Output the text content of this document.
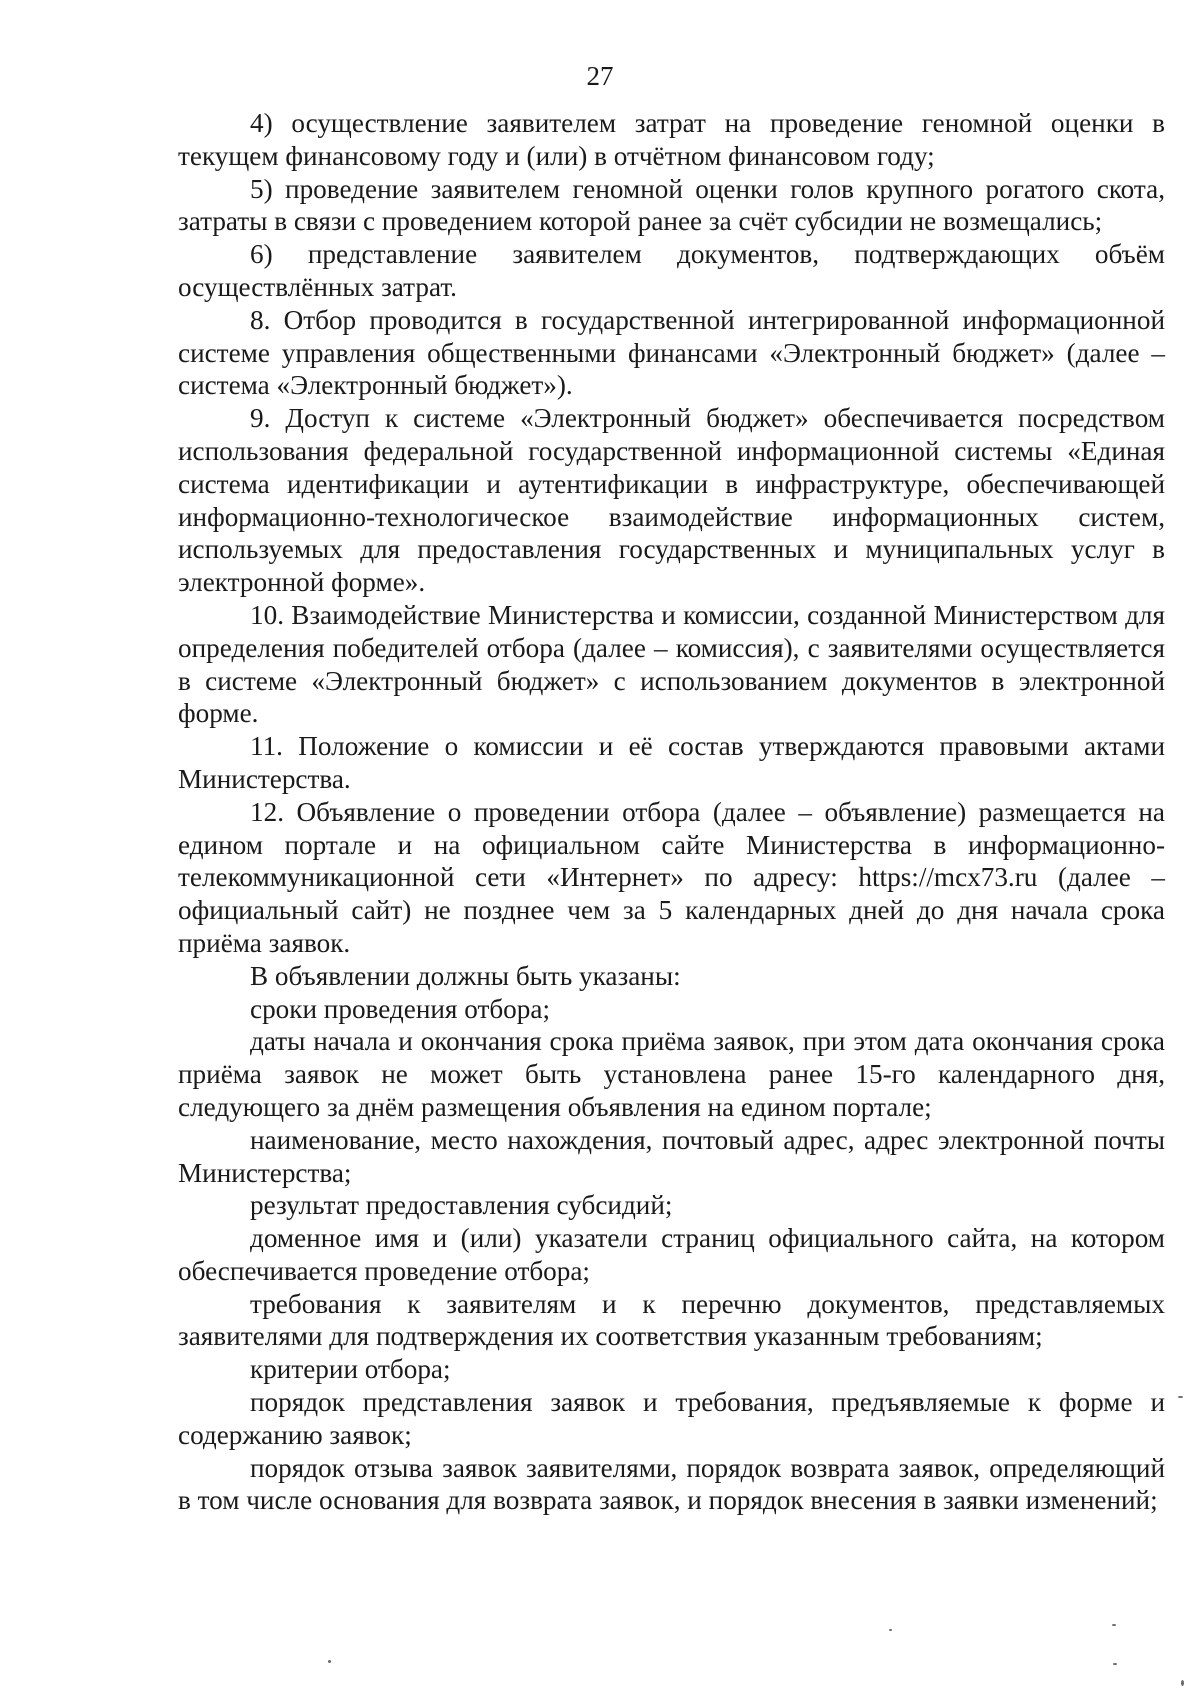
27

4) осуществление заявителем затрат на проведение геномной оценки в текущем финансовому году и (или) в отчётном финансовом году;

5) проведение заявителем геномной оценки голов крупного рогатого скота, затраты в связи с проведением которой ранее за счёт субсидии не возмещались;

6) представление заявителем документов, подтверждающих объём осуществлённых затрат.

8. Отбор проводится в государственной интегрированной информационной системе управления общественными финансами «Электронный бюджет» (далее – система «Электронный бюджет»).

9. Доступ к системе «Электронный бюджет» обеспечивается посредством использования федеральной государственной информационной системы «Единая система идентификации и аутентификации в инфраструктуре, обеспечивающей информационно-технологическое взаимодействие информационных систем, используемых для предоставления государственных и муниципальных услуг в электронной форме».

10. Взаимодействие Министерства и комиссии, созданной Министерством для определения победителей отбора (далее – комиссия), с заявителями осуществляется в системе «Электронный бюджет» с использованием документов в электронной форме.

11. Положение о комиссии и её состав утверждаются правовыми актами Министерства.

12. Объявление о проведении отбора (далее – объявление) размещается на едином портале и на официальном сайте Министерства в информационно-телекоммуникационной сети «Интернет» по адресу: https://mcx73.ru (далее – официальный сайт) не позднее чем за 5 календарных дней до дня начала срока приёма заявок.

В объявлении должны быть указаны:

сроки проведения отбора;

даты начала и окончания срока приёма заявок, при этом дата окончания срока приёма заявок не может быть установлена ранее 15-го календарного дня, следующего за днём размещения объявления на едином портале;

наименование, место нахождения, почтовый адрес, адрес электронной почты Министерства;

результат предоставления субсидий;

доменное имя и (или) указатели страниц официального сайта, на котором обеспечивается проведение отбора;

требования к заявителям и к перечню документов, представляемых заявителями для подтверждения их соответствия указанным требованиям;

критерии отбора;

порядок представления заявок и требования, предъявляемые к форме и содержанию заявок;

порядок отзыва заявок заявителями, порядок возврата заявок, определяющий в том числе основания для возврата заявок, и порядок внесения в заявки изменений;
